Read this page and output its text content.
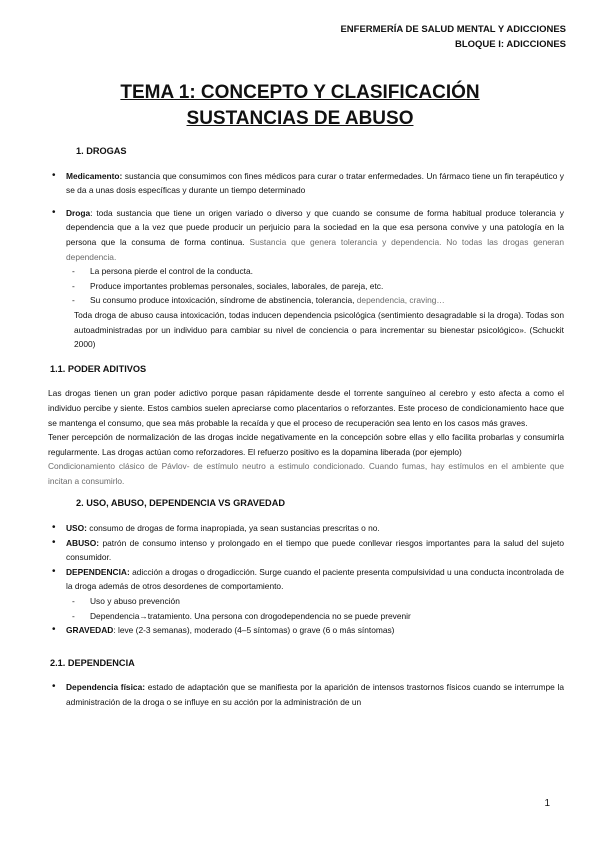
ENFERMERÍA DE SALUD MENTAL Y ADICCIONES
BLOQUE I: ADICCIONES
TEMA 1: CONCEPTO Y CLASIFICACIÓN
SUSTANCIAS DE ABUSO
1. DROGAS

• Medicamento: sustancia que consumimos con fines médicos para curar o tratar enfermedades. Un fármaco tiene un fin terapéutico y se da a unas dosis específicas y durante un tiempo determinado

• Droga: toda sustancia que tiene un origen variado o diverso y que cuando se consume de forma habitual produce tolerancia y dependencia que a la vez que puede producir un perjuicio para la sociedad en la que esa persona convive y una patología en la persona que la consuma de forma continua. Sustancia que genera tolerancia y dependencia. No todas las drogas generan dependencia.

- La persona pierde el control de la conducta.

- Produce importantes problemas personales, sociales, laborales, de pareja, etc.

- Su consumo produce intoxicación, síndrome de abstinencia, tolerancia, dependencia, craving…

Toda droga de abuso causa intoxicación, todas inducen dependencia psicológica (sentimiento desagradable si la droga). Todas son autoadministradas por un individuo para cambiar su nivel de conciencia o para incrementar su bienestar psicológico». (Schuckit 2000)

1.1. PODER ADITIVOS

Las drogas tienen un gran poder adictivo porque pasan rápidamente desde el torrente sanguíneo al cerebro y esto afecta a como el individuo percibe y siente. Estos cambios suelen apreciarse como placentarios o reforzantes. Este proceso de condicionamiento hace que se mantenga el consumo, que sea más probable la recaída y que el proceso de recuperación sea lento en los casos más graves.

Tener percepción de normalización de las drogas incide negativamente en la concepción sobre ellas y ello facilita probarlas y consumirla regularmente. Las drogas actúan como reforzadores. El refuerzo positivo es la dopamina liberada (por ejemplo)

Condicionamiento clásico de Pávlov- de estímulo neutro a estimulo condicionado. Cuando fumas, hay estímulos en el ambiente que incitan a consumirlo.

2. USO, ABUSO, DEPENDENCIA VS GRAVEDAD

• USO: consumo de drogas de forma inapropiada, ya sean sustancias prescritas o no.

• ABUSO: patrón de consumo intenso y prolongado en el tiempo que puede conllevar riesgos importantes para la salud del sujeto consumidor.

• DEPENDENCIA: adicción a drogas o drogadicción. Surge cuando el paciente presenta compulsividad u una conducta incontrolada de la droga además de otros desordenes de comportamiento.

- Uso y abuso prevención

- Dependencia→tratamiento. Una persona con drogodependencia no se puede prevenir

• GRAVEDAD: leve (2-3 semanas), moderado (4–5 síntomas) o grave (6 o más síntomas)

2.1. DEPENDENCIA

• Dependencia física: estado de adaptación que se manifiesta por la aparición de intensos trastornos físicos cuando se interrumpe la administración de la droga o se influye en su acción por la administración de un

1
